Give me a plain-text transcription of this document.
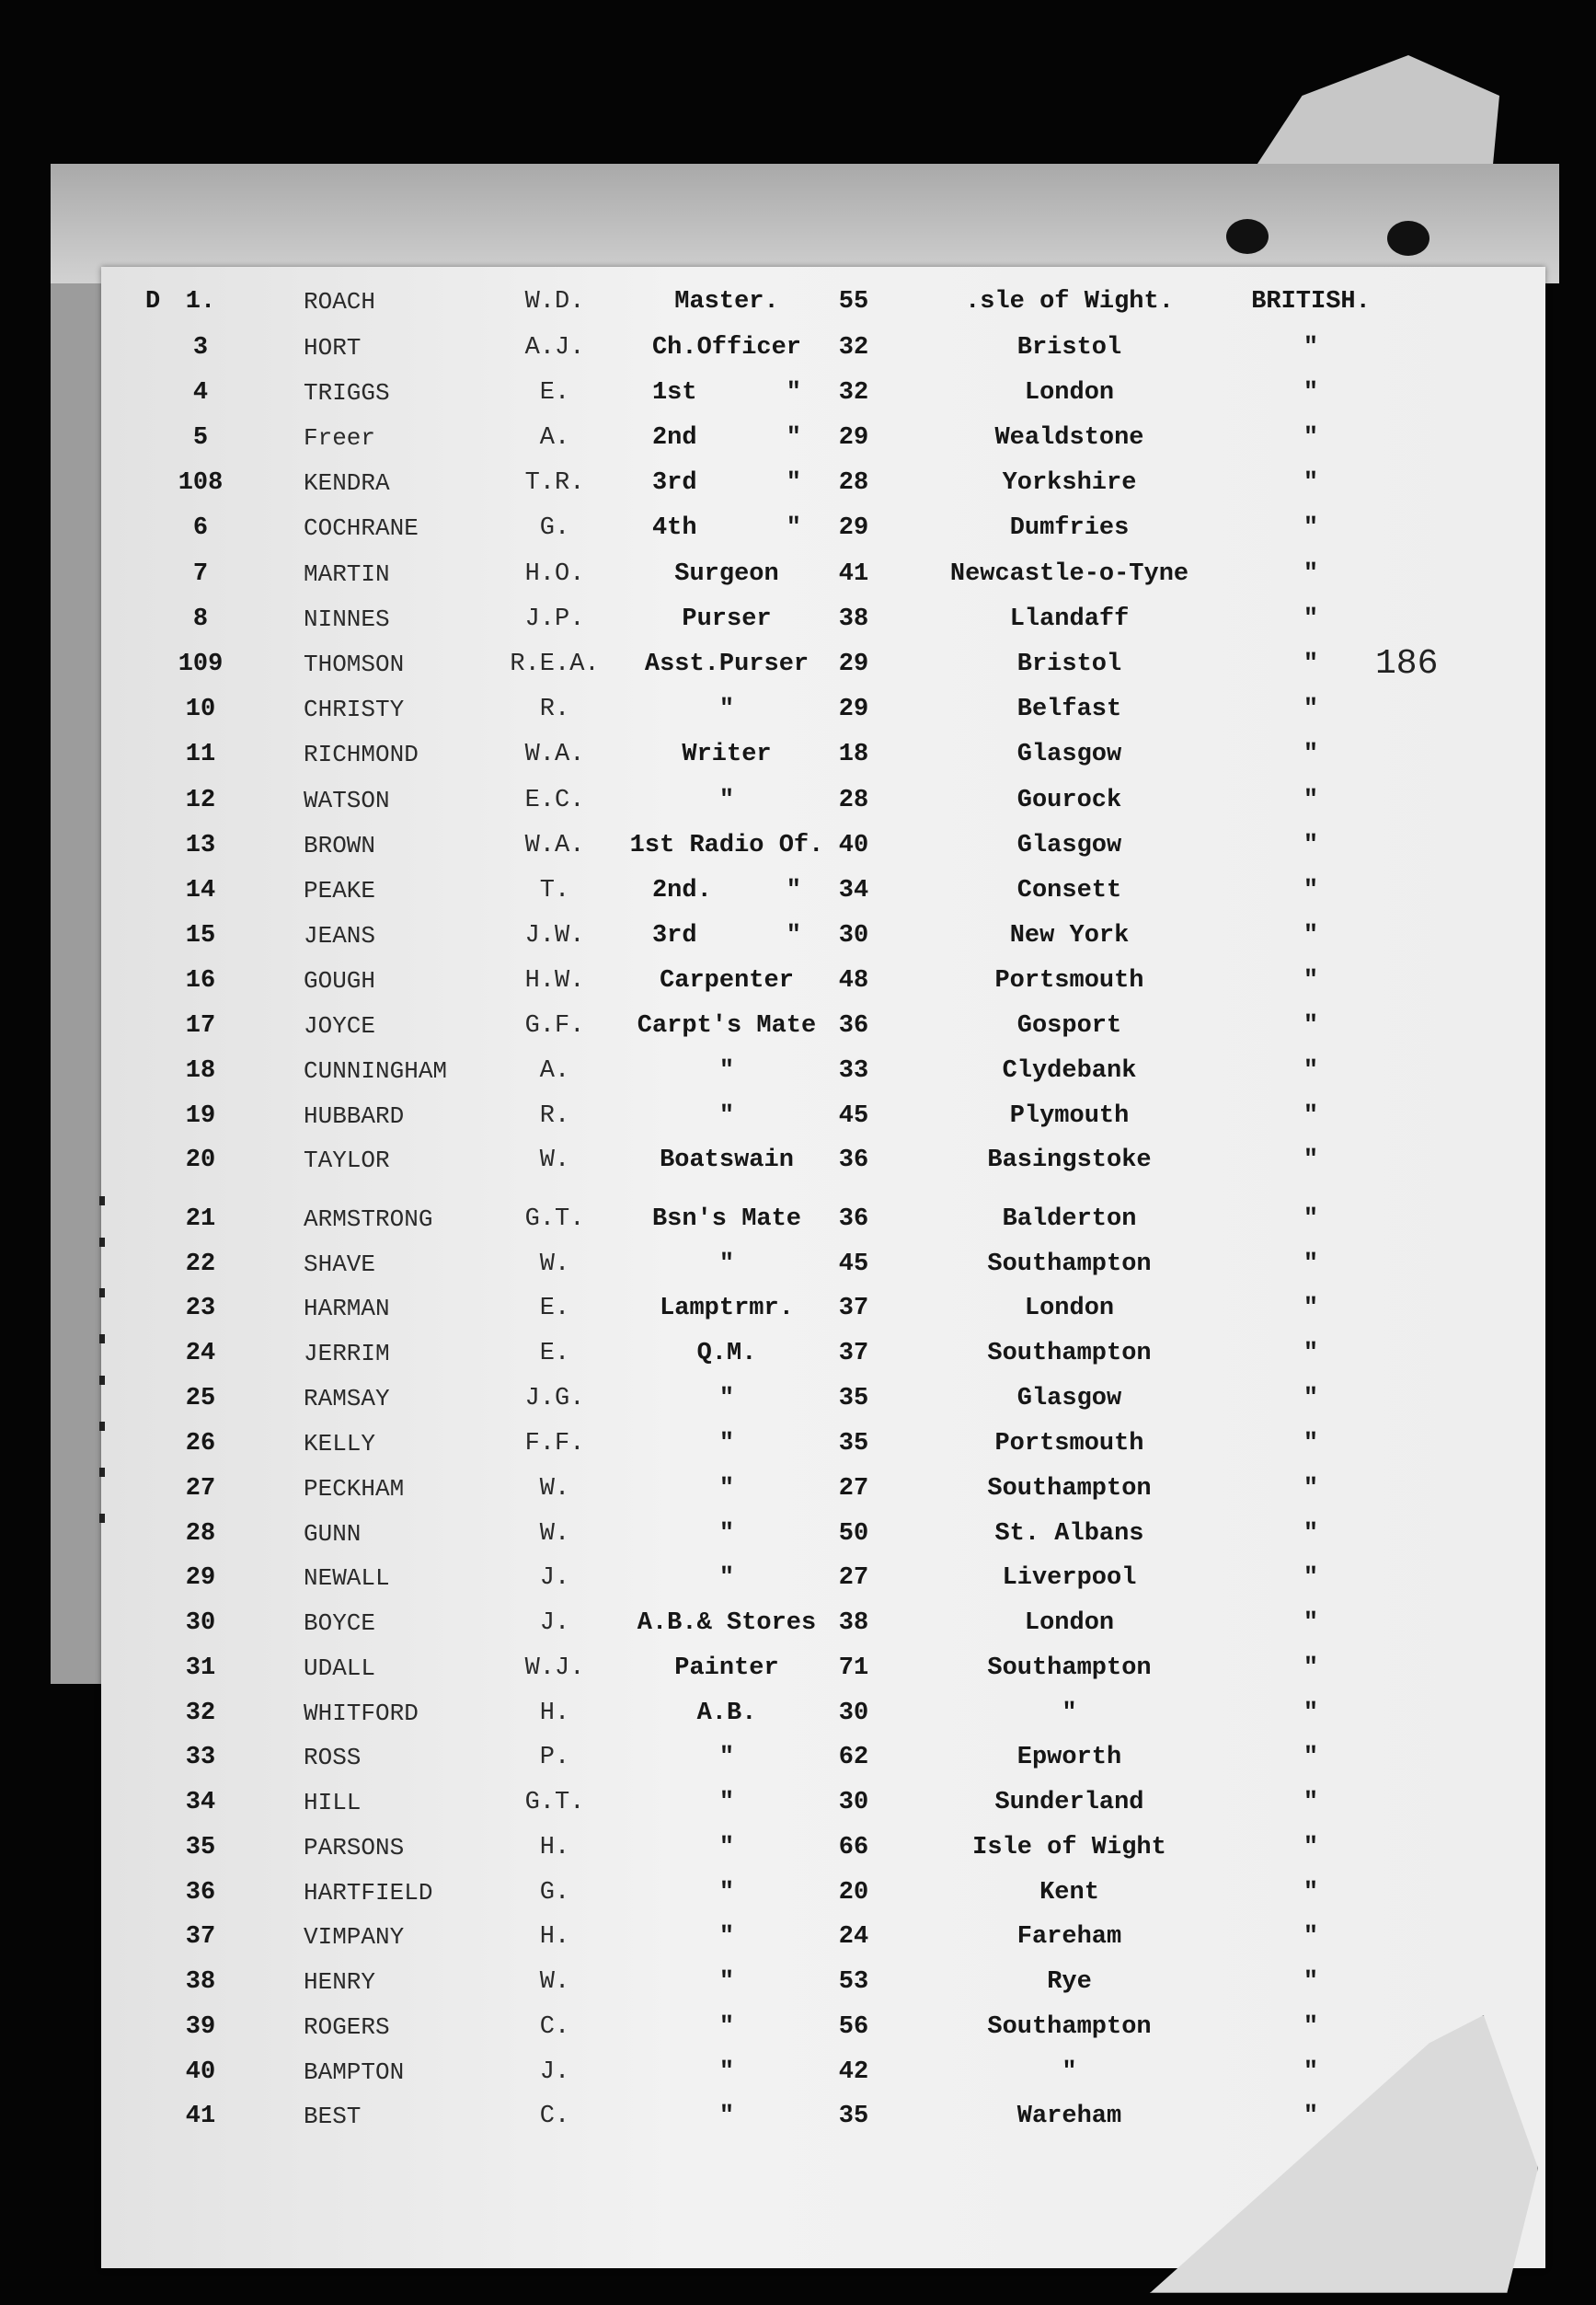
186
D	1.	ROACH	W.D.	Master.	55	.sle of Wight.	BRITISH.
3	HORT	A.J.	Ch.Officer	32	Bristol	"
4	TRIGGS	E.	1st      "	32	London	"
5	Freer	A.	2nd      "	29	Wealdstone	"
108	KENDRA	T.R.	3rd      "	28	Yorkshire	"
6	COCHRANE	G.	4th      "	29	Dumfries	"
7	MARTIN	H.O.	Surgeon	41	Newcastle-o-Tyne	"
8	NINNES	J.P.	Purser	38	Llandaff	"
109	THOMSON	R.E.A.	Asst.Purser	29	Bristol	"
10	CHRISTY	R.	"	29	Belfast	"
11	RICHMOND	W.A.	Writer	18	Glasgow	"
12	WATSON	E.C.	"	28	Gourock	"
13	BROWN	W.A.	1st Radio Of. 40	Glasgow	"
14	PEAKE	T.	2nd.     "	34	Consett	"
15	JEANS	J.W.	3rd      "	30	New York	"
16	GOUGH	H.W.	Carpenter	48	Portsmouth	"
17	JOYCE	G.F.	Carpt's Mate 36	Gosport	"
18	CUNNINGHAM	A.	"	33	Clydebank	"
19	HUBBARD	R.	"	45	Plymouth	"
20	TAYLOR	W.	Boatswain	36	Basingstoke	"
21	ARMSTRONG	G.T.	Bsn's Mate	36	Balderton	"
22	SHAVE	W.	"	45	Southampton	"
23	HARMAN	E.	Lamptrmr.	37	London	"
24	JERRIM	E.	Q.M.	37	Southampton	"
25	RAMSAY	J.G.	"	35	Glasgow	"
26	KELLY	F.F.	"	35	Portsmouth	"
27	PECKHAM	W.	"	27	Southampton	"
28	GUNN	W.	"	50	St. Albans	"
29	NEWALL	J.	"	27	Liverpool	"
30	BOYCE	J.	A.B.& Stores 38	London	"
31	UDALL	W.J.	Painter	71	Southampton	"
32	WHITFORD	H.	A.B.	30	"	"
33	ROSS	P.	"	62	Epworth	"
34	HILL	G.T.	"	30	Sunderland	"
35	PARSONS	H.	"	66	Isle of Wight	"
36	HARTFIELD	G.	"	20	Kent	"
37	VIMPANY	H.	"	24	Fareham	"
38	HENRY	W.	"	53	Rye	"
39	ROGERS	C.	"	56	Southampton	"
40	BAMPTON	J.	"	42	"	"
41	BEST	C.	"	35	Wareham	"
